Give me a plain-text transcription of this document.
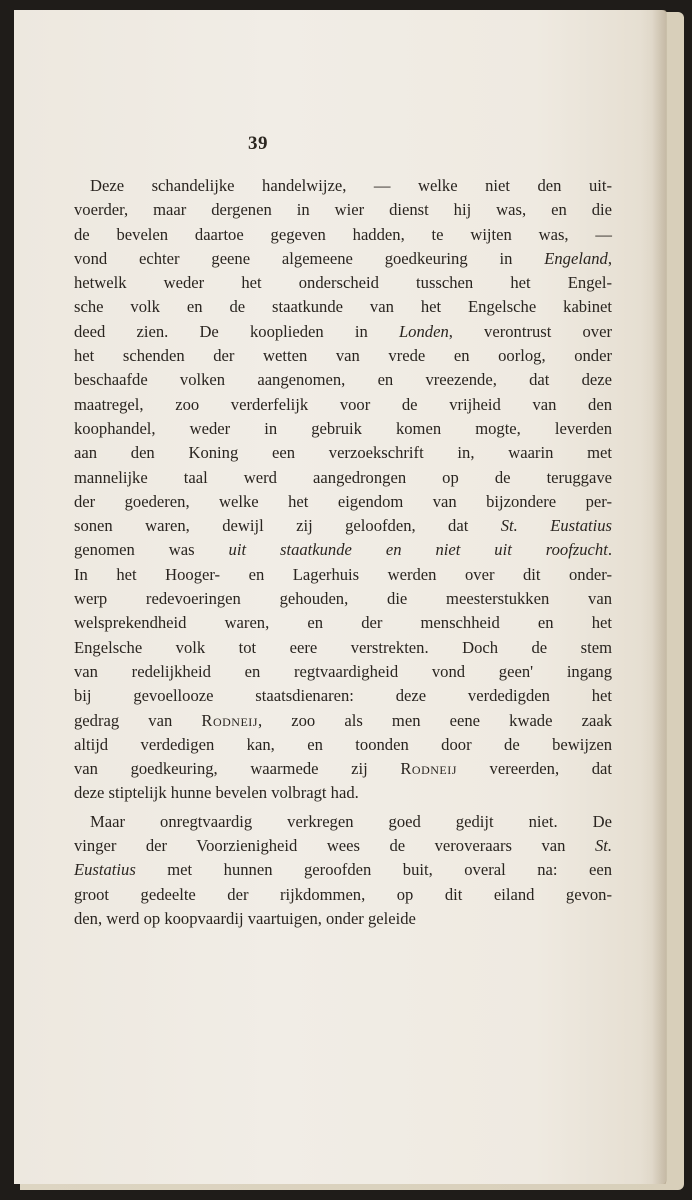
39
Deze schandelijke handelwijze, — welke niet den uit-
voerder, maar dergenen in wier dienst hij was, en die
de bevelen daartoe gegeven hadden, te wijten was, —
vond echter geene algemeene goedkeuring in Engeland,
hetwelk weder het onderscheid tusschen het Engel-
sche volk en de staatkunde van het Engelsche kabinet
deed zien. De kooplieden in Londen, verontrust over
het schenden der wetten van vrede en oorlog, onder
beschaafde volken aangenomen, en vreezende, dat deze
maatregel, zoo verderfelijk voor de vrijheid van den
koophandel, weder in gebruik komen mogte, leverden
aan den Koning een verzoekschrift in, waarin met
mannelijke taal werd aangedrongen op de teruggave
der goederen, welke het eigendom van bijzondere per-
sonen waren, dewijl zij geloofden, dat St. Eustatius
genomen was uit staatkunde en niet uit roofzucht.
In het Hooger- en Lagerhuis werden over dit onder-
werp redevoeringen gehouden, die meesterstukken van
welsprekendheid waren, en der menschheid en het
Engelsche volk tot eere verstrekten. Doch de stem
van redelijkheid en regtvaardigheid vond geen' ingang
bij gevoellooze staatsdienaren: deze verdedigden het
gedrag van Rodneij, zoo als men eene kwade zaak
altijd verdedigen kan, en toonden door de bewijzen
van goedkeuring, waarmede zij Rodneij vereerden, dat
deze stiptelijk hunne bevelen volbragt had.
Maar onregtvaardig verkregen goed gedijt niet. De
vinger der Voorzienigheid wees de veroveraars van St.
Eustatius met hunnen geroofden buit, overal na: een
groot gedeelte der rijkdommen, op dit eiland gevon-
den, werd op koopvaardij vaartuigen, onder geleide
